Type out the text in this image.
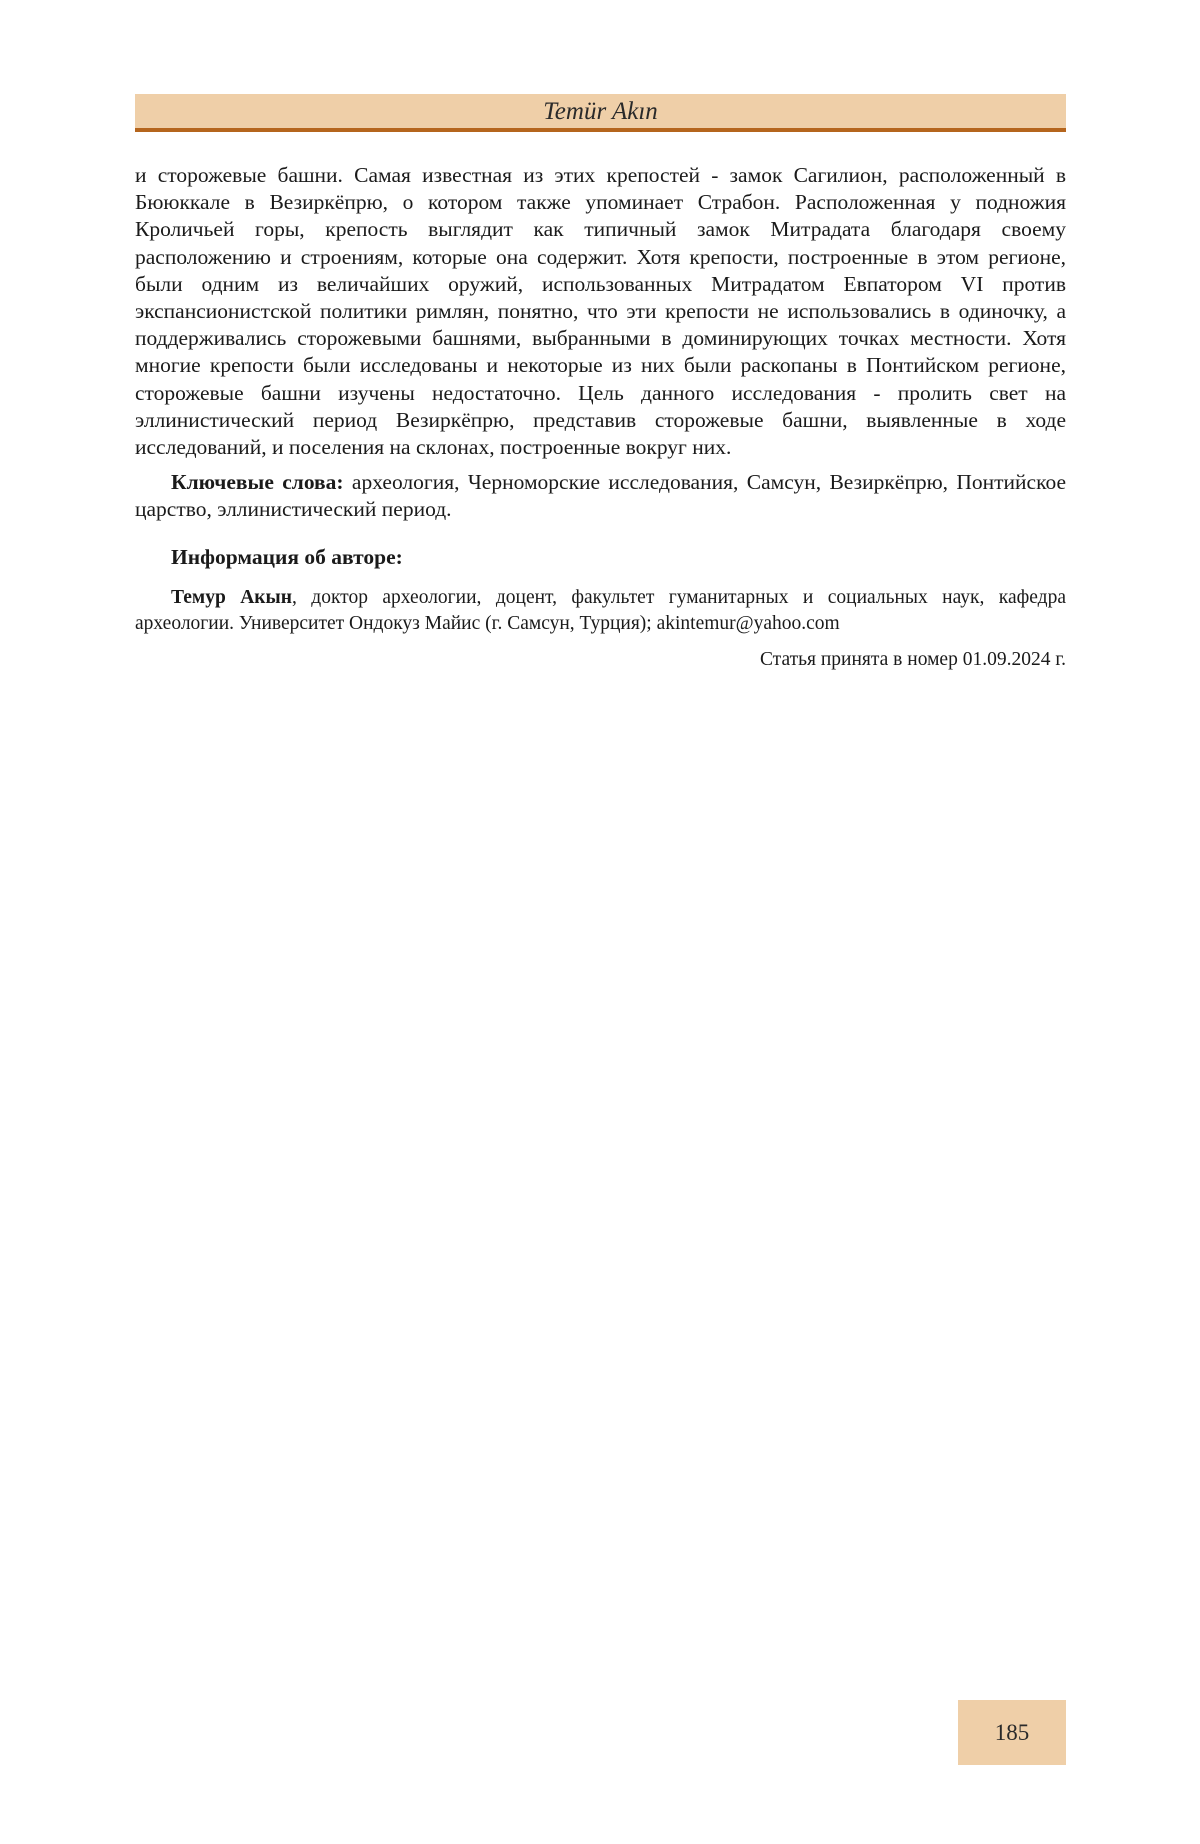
Temür Akın

и сторожевые башни. Самая известная из этих крепостей - замок Сагилион, расположенный в Бююккале в Везиркёпрю, о котором также упоминает Страбон. Расположенная у подножия Кроличьей горы, крепость выглядит как типичный замок Митрадата благодаря своему расположению и строениям, которые она содержит. Хотя крепости, построенные в этом регионе, были одним из величайших оружий, использованных Митрадатом Евпатором VI против экспансионистской политики римлян, понятно, что эти крепости не использовались в одиночку, а поддерживались сторожевыми башнями, выбранными в доминирующих точках местности. Хотя многие крепости были исследованы и некоторые из них были раскопаны в Понтийском регионе, сторожевые башни изучены недостаточно. Цель данного исследования - пролить свет на эллинистический период Везиркёпрю, представив сторожевые башни, выявленные в ходе исследований, и поселения на склонах, построенные вокруг них.

Ключевые слова: археология, Черноморские исследования, Самсун, Везиркёпрю, Понтийское царство, эллинистический период.

Информация об авторе:

Темур Акын, доктор археологии, доцент, факультет гуманитарных и социальных наук, кафедра археологии. Университет Ондокуз Майис (г. Самсун, Турция); akintemur@yahoo.com

Статья принята в номер 01.09.2024 г.

185
